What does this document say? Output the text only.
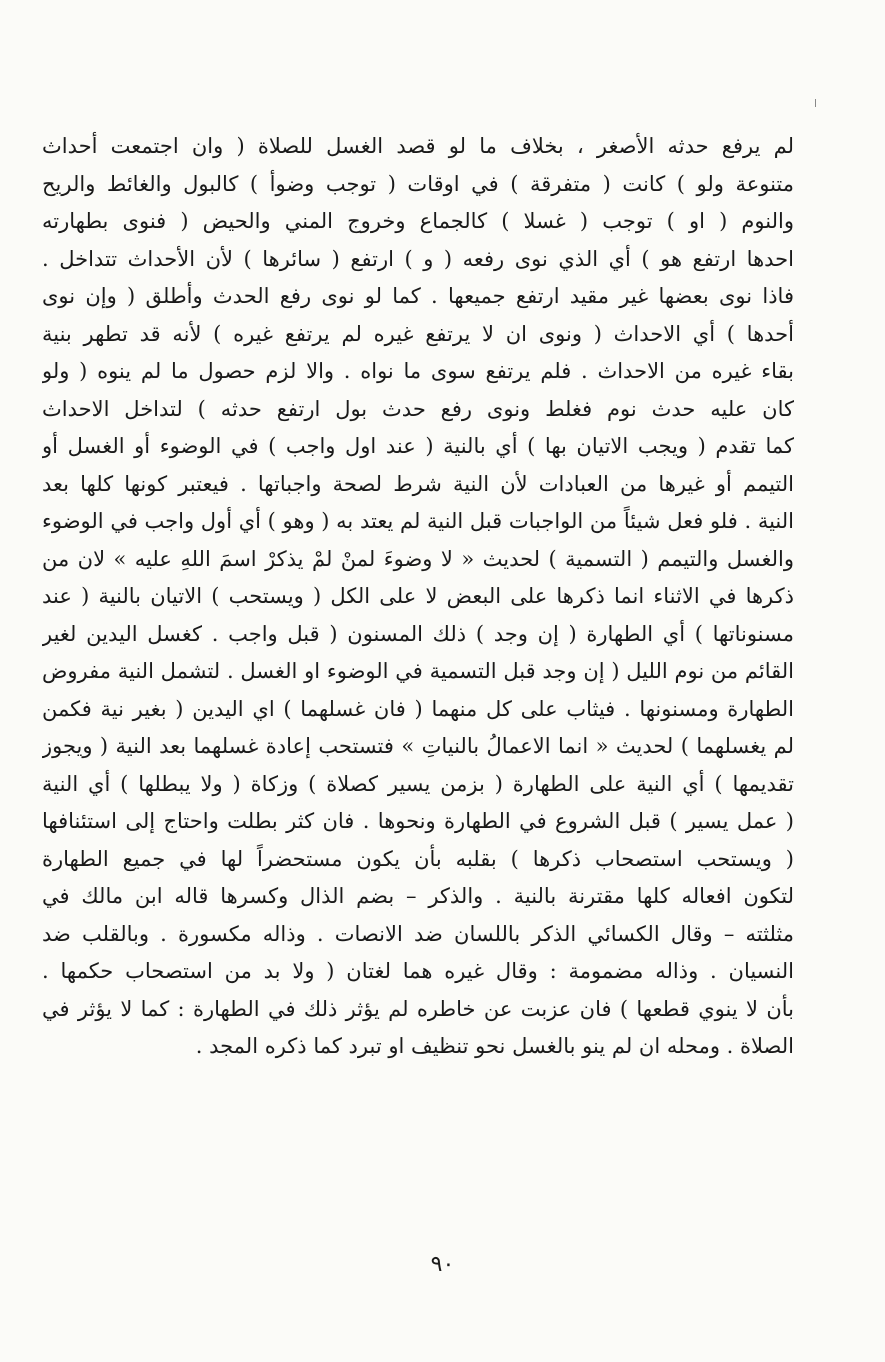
لم يرفع حدثه الأصغر ، بخلاف ما لو قصد الغسل للصلاة ( وان اجتمعت أحداث
متنوعة ولو ) كانت ( متفرقة ) في اوقات ( توجب وضوأ ) كالبول والغائط والريح
والنوم ( او ) توجب ( غسلا ) كالجماع وخروج المني والحيض ( فنوى بطهارته
احدها ارتفع هو ) أي الذي نوى رفعه ( و ) ارتفع ( سائرها ) لأن الأحداث تتداخل .
فاذا نوى بعضها غير مقيد ارتفع جميعها . كما لو نوى رفع الحدث وأطلق ( وإن نوى
أحدها ) أي الاحداث ( ونوى ان لا يرتفع غيره لم يرتفع غيره ) لأنه قد تطهر بنية
بقاء غيره من الاحداث . فلم يرتفع سوى ما نواه . والا لزم حصول ما لم ينوه ( ولو
كان عليه حدث نوم فغلط ونوى رفع حدث بول ارتفع حدثه ) لتداخل الاحداث
كما تقدم ( ويجب الاتيان بها ) أي بالنية ( عند اول واجب ) في الوضوء أو الغسل أو
التيمم أو غيرها من العبادات لأن النية شرط لصحة واجباتها . فيعتبر كونها كلها بعد
النية . فلو فعل شيئاً من الواجبات قبل النية لم يعتد به ( وهو ) أي أول واجب في الوضوء
والغسل والتيمم ( التسمية ) لحديث « لا وضوءَ لمنْ لمْ يذكرْ اسمَ اللهِ عليه » لان من
ذكرها في الاثناء انما ذكرها على البعض لا على الكل ( ويستحب ) الاتيان بالنية ( عند
مسنوناتها ) أي الطهارة ( إن وجد ) ذلك المسنون ( قبل واجب . كغسل اليدين لغير
القائم من نوم الليل ( إن وجد قبل التسمية في الوضوء او الغسل . لتشمل النية مفروض
الطهارة ومسنونها . فيثاب على كل منهما ( فان غسلهما ) اي اليدين ( بغير نية فكمن
لم يغسلهما ) لحديث « انما الاعمالُ بالنياتِ » فتستحب إعادة غسلهما بعد النية ( ويجوز
تقديمها ) أي النية على الطهارة ( بزمن يسير كصلاة ) وزكاة ( ولا يبطلها ) أي النية
( عمل يسير ) قبل الشروع في الطهارة ونحوها . فان كثر بطلت واحتاج إلى استئنافها
( ويستحب استصحاب ذكرها ) بقلبه بأن يكون مستحضراً لها في جميع الطهارة
لتكون افعاله كلها مقترنة بالنية . والذكر – بضم الذال وكسرها قاله ابن مالك في
مثلثته – وقال الكسائي الذكر باللسان ضد الانصات . وذاله مكسورة . وبالقلب ضد
النسيان . وذاله مضمومة : وقال غيره هما لغتان ( ولا بد من استصحاب حكمها .
بأن لا ينوي قطعها ) فان عزبت عن خاطره لم يؤثر ذلك في الطهارة : كما لا يؤثر في
الصلاة . ومحله ان لم ينو بالغسل نحو تنظيف او تبرد كما ذكره المجد .
٩٠
